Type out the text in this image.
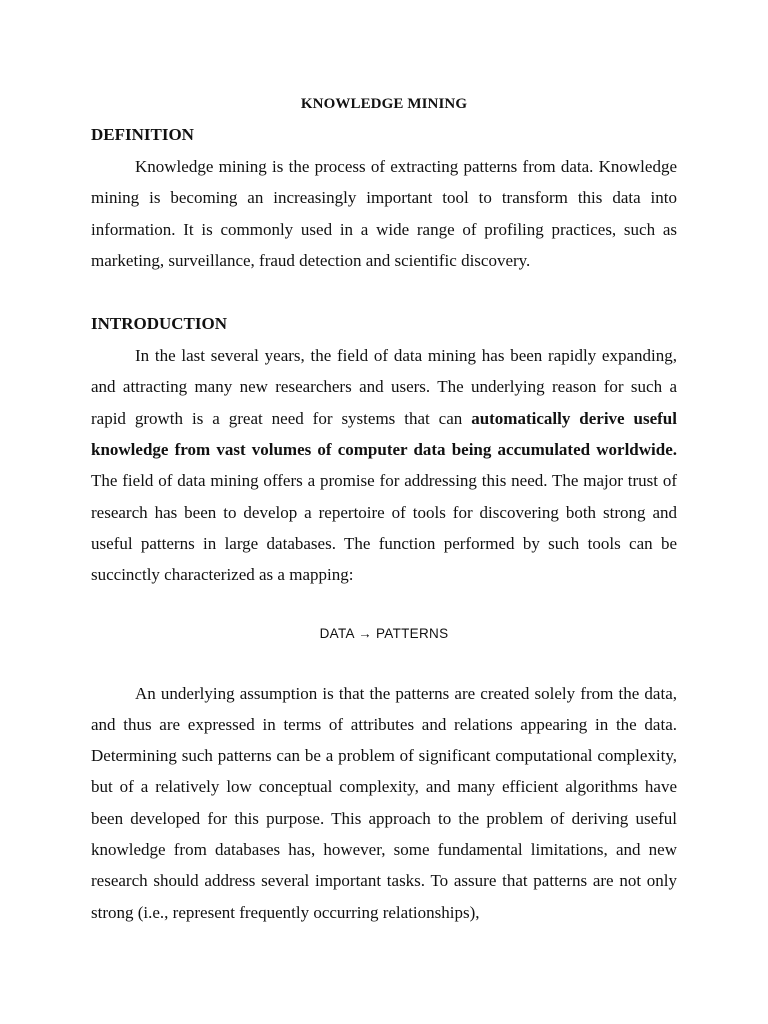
KNOWLEDGE MINING
DEFINITION

Knowledge mining is the process of extracting patterns from data. Knowledge mining is becoming an increasingly important tool to transform this data into information. It is commonly used in a wide range of profiling practices, such as marketing, surveillance, fraud detection and scientific discovery.

INTRODUCTION

In the last several years, the field of data mining has been rapidly expanding, and attracting many new researchers and users. The underlying reason for such a rapid growth is a great need for systems that can automatically derive useful knowledge from vast volumes of computer data being accumulated worldwide. The field of data mining offers a promise for addressing this need. The major trust of research has been to develop a repertoire of tools for discovering both strong and useful patterns in large databases. The function performed by such tools can be succinctly characterized as a mapping:

DATA → PATTERNS

An underlying assumption is that the patterns are created solely from the data, and thus are expressed in terms of attributes and relations appearing in the data. Determining such patterns can be a problem of significant computational complexity, but of a relatively low conceptual complexity, and many efficient algorithms have been developed for this purpose. This approach to the problem of deriving useful knowledge from databases has, however, some fundamental limitations, and new research should address several important tasks. To assure that patterns are not only strong (i.e., represent frequently occurring relationships),
